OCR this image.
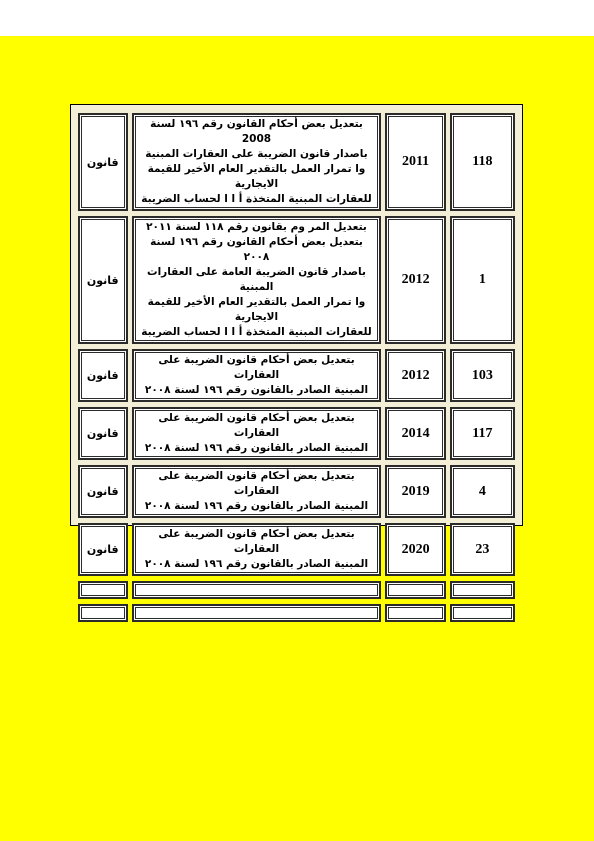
118	2011	بتعديل بعض أحكام القانون رقم ١٩٦ لسنة 2008
باصدار قانون الضريبة على العقارات المبنية
وا تمرار العمل بالتقدير العام الأخير للقيمة الايجارية
للعقارات المبنية المتخذة أ ا ا لحساب الضريبة	قانون
1	2012	بتعديل المر وم بقانون رقم ١١٨ لسنة ٢٠١١
بتعديل بعض أحكام القانون رقم ١٩٦ لسنة ٢٠٠٨
باصدار قانون الضريبة العامة على العقارات المبنية
وا تمرار العمل بالتقدير العام الأخير للقيمة الايجارية
للعقارات المبنية المتخذة أ ا ا لحساب الضريبة	قانون
103	2012	بتعديل بعض أحكام قانون الضريبة على العقارات
المبنية الصادر بالقانون رقم ١٩٦ لسنة ٢٠٠٨	قانون
117	2014	بتعديل بعض أحكام قانون الضريبة على العقارات
المبنية الصادر بالقانون رقم ١٩٦ لسنة ٢٠٠٨	قانون
4	2019	بتعديل بعض أحكام قانون الضريبة على العقارات
المبنية الصادر بالقانون رقم ١٩٦ لسنة ٢٠٠٨	قانون
23	2020	بتعديل بعض أحكام قانون الضريبة على العقارات
المبنية الصادر بالقانون رقم ١٩٦ لسنة ٢٠٠٨	قانون
